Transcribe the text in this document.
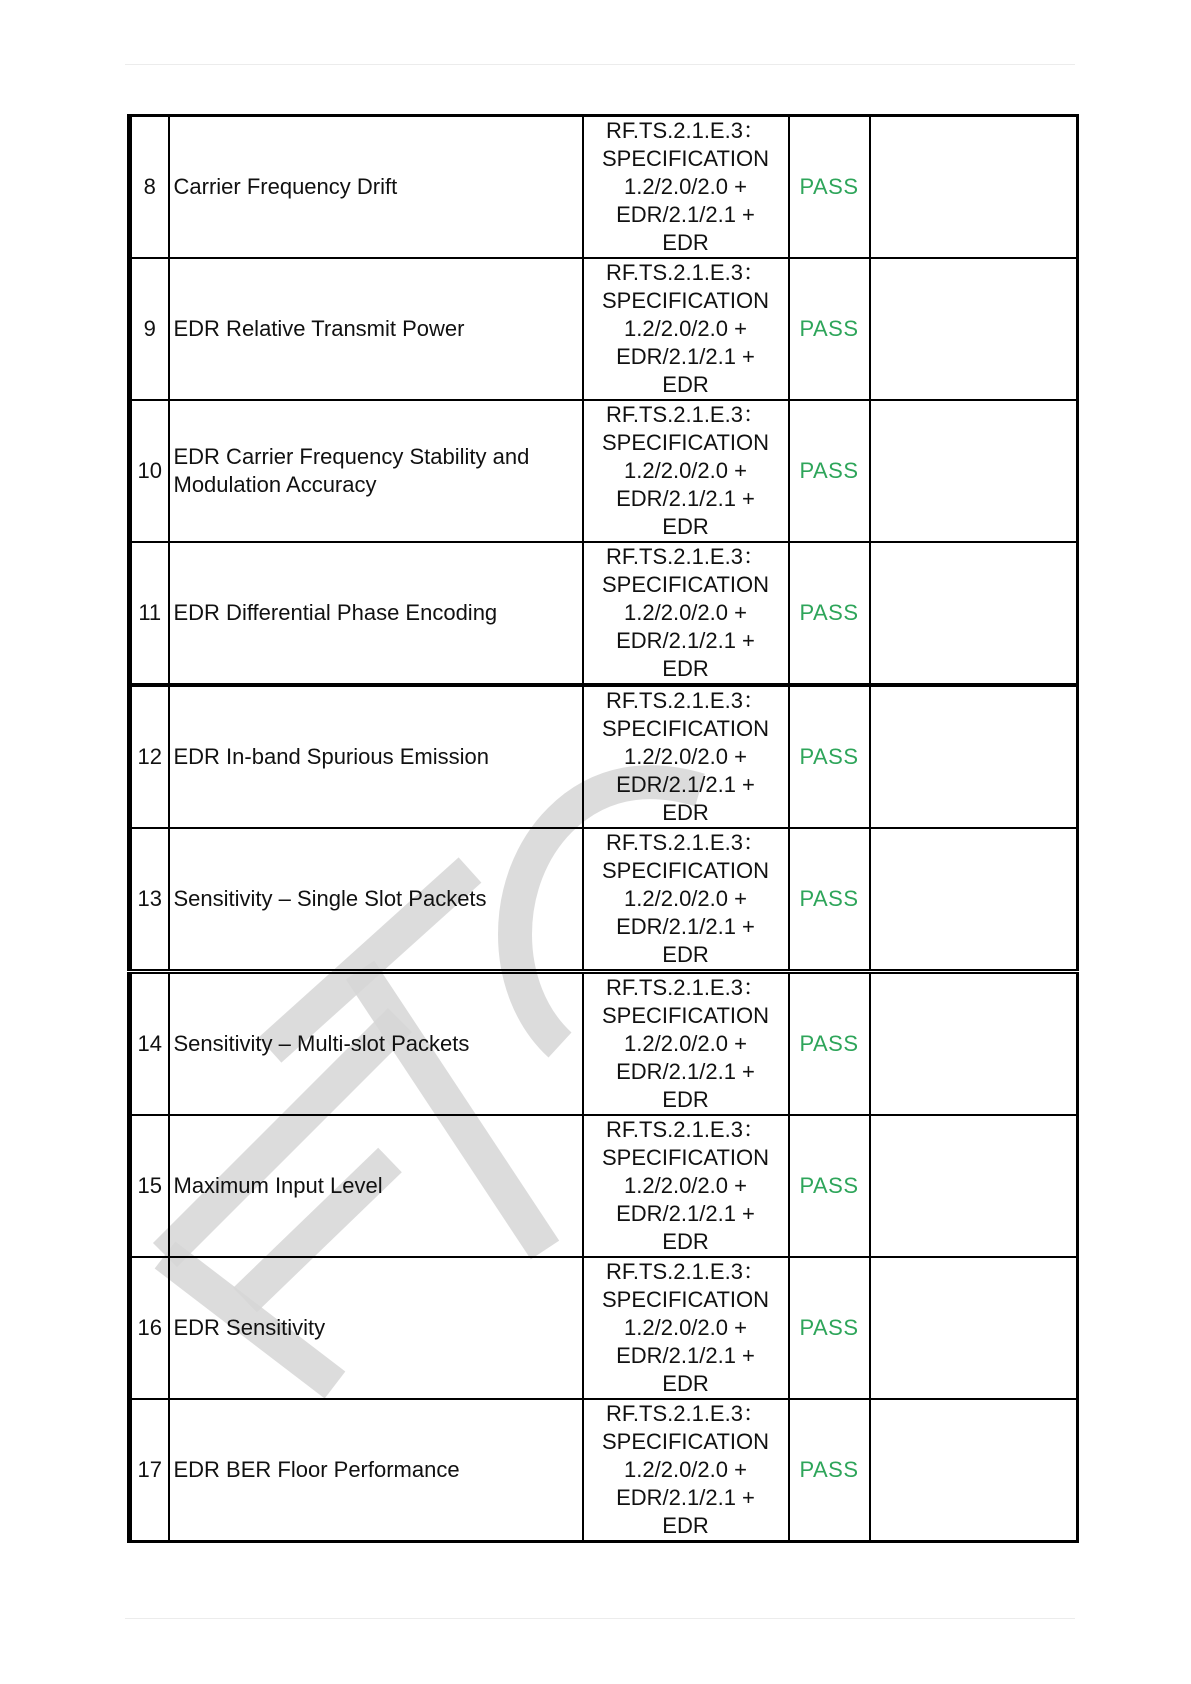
8	Carrier Frequency Drift	RF.TS.2.1.E.3：
SPECIFICATION
1.2/2.0/2.0 +
EDR/2.1/2.1 +
EDR	PASS	
9	EDR Relative Transmit Power	RF.TS.2.1.E.3：
SPECIFICATION
1.2/2.0/2.0 +
EDR/2.1/2.1 +
EDR	PASS	
10	EDR Carrier Frequency Stability and Modulation Accuracy	RF.TS.2.1.E.3：
SPECIFICATION
1.2/2.0/2.0 +
EDR/2.1/2.1 +
EDR	PASS	
11	EDR Differential Phase Encoding	RF.TS.2.1.E.3：
SPECIFICATION
1.2/2.0/2.0 +
EDR/2.1/2.1 +
EDR	PASS	
12	EDR In-band Spurious Emission	RF.TS.2.1.E.3：
SPECIFICATION
1.2/2.0/2.0 +
EDR/2.1/2.1 +
EDR	PASS	
13	Sensitivity – Single Slot Packets	RF.TS.2.1.E.3：
SPECIFICATION
1.2/2.0/2.0 +
EDR/2.1/2.1 +
EDR	PASS	
14	Sensitivity – Multi-slot Packets	RF.TS.2.1.E.3：
SPECIFICATION
1.2/2.0/2.0 +
EDR/2.1/2.1 +
EDR	PASS	
15	Maximum Input Level	RF.TS.2.1.E.3：
SPECIFICATION
1.2/2.0/2.0 +
EDR/2.1/2.1 +
EDR	PASS	
16	EDR Sensitivity	RF.TS.2.1.E.3：
SPECIFICATION
1.2/2.0/2.0 +
EDR/2.1/2.1 +
EDR	PASS	
17	EDR BER Floor Performance	RF.TS.2.1.E.3：
SPECIFICATION
1.2/2.0/2.0 +
EDR/2.1/2.1 +
EDR	PASS	
